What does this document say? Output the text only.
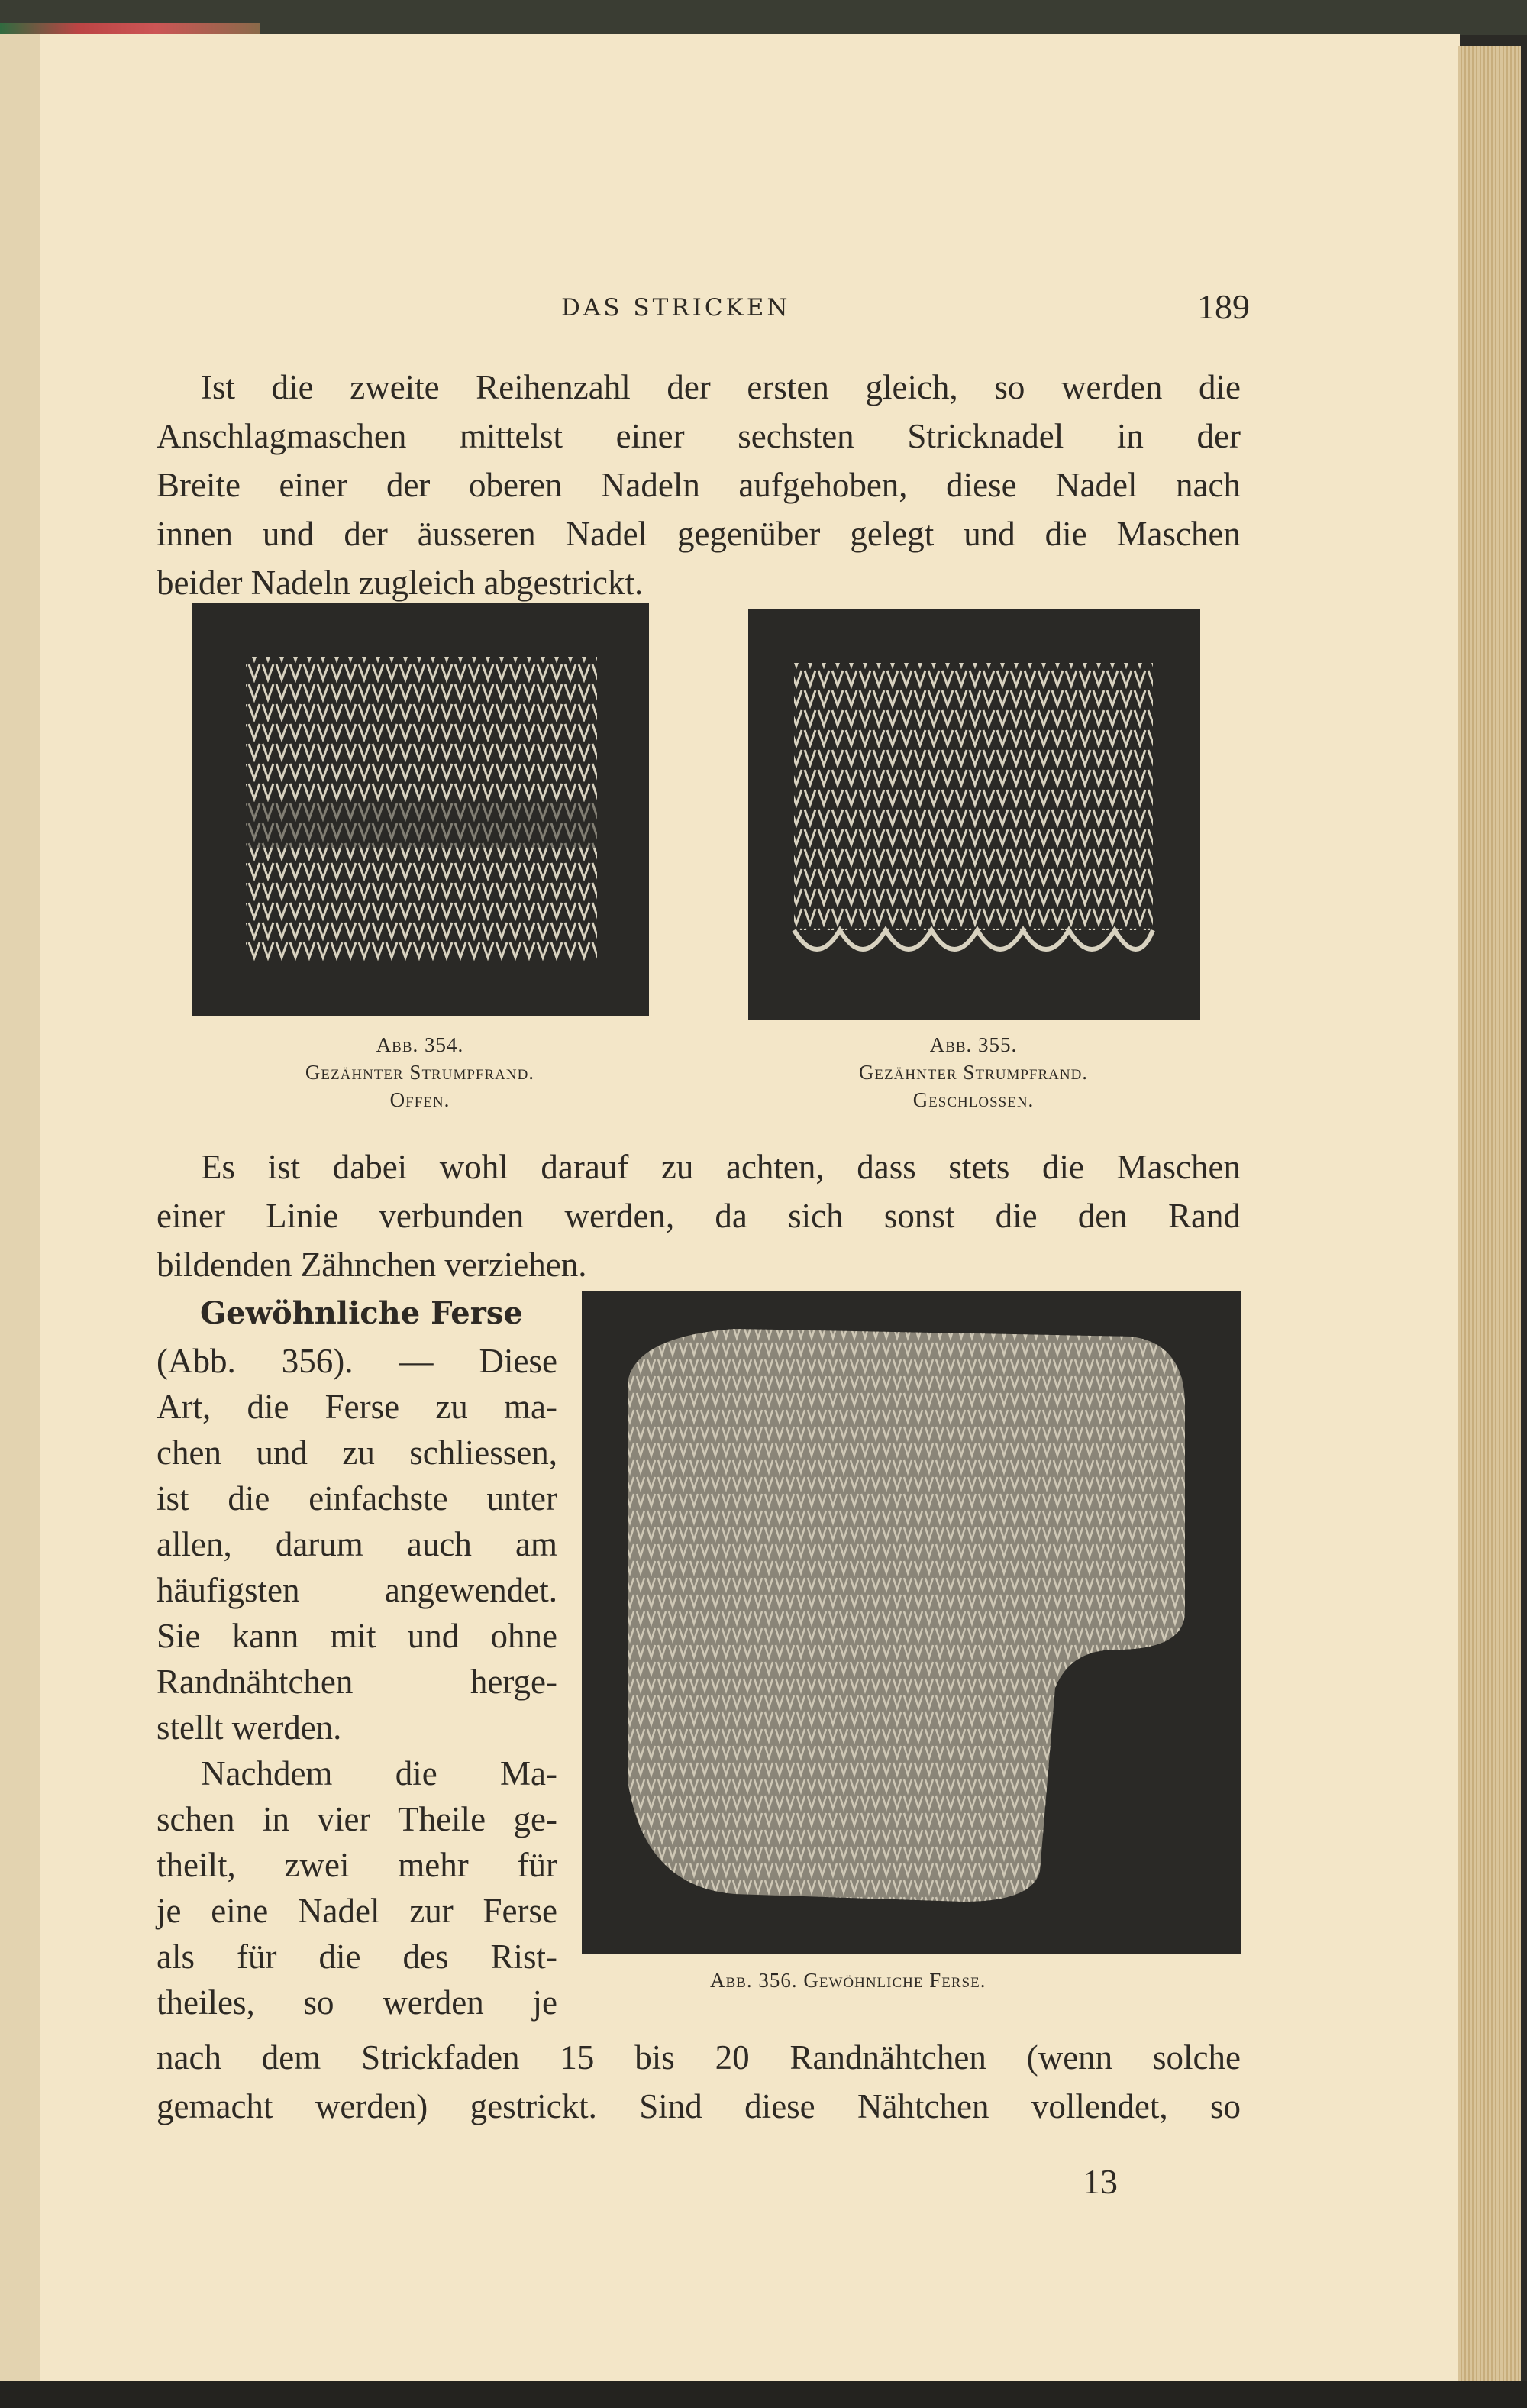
DAS STRICKEN	189
Ist die zweite Reihenzahl der ersten gleich, so werden die
Anschlagmaschen mittelst einer sechsten Stricknadel in der
Breite einer der oberen Nadeln aufgehoben, diese Nadel nach
innen und der äusseren Nadel gegenüber gelegt und die Maschen
beider Nadeln zugleich abgestrickt.
Abb. 354.
Gezähnter Strumpfrand.
Offen.
Abb. 355.
Gezähnter Strumpfrand.
Geschlossen.
Es ist dabei wohl darauf zu achten, dass stets die Maschen
einer Linie verbunden werden, da sich sonst die den Rand
bildenden Zähnchen verziehen.
Abb. 356. Gewöhnliche Ferse.
Gewöhnliche Ferse
(Abb. 356). — Diese
Art, die Ferse zu ma-
chen und zu schliessen,
ist die einfachste unter
allen, darum auch am
häufigsten angewendet.
Sie kann mit und ohne
Randnähtchen herge-
stellt werden.
Nachdem die Ma-
schen in vier Theile ge-
theilt, zwei mehr für
je eine Nadel zur Ferse
als für die des Rist-
theiles, so werden je
nach dem Strickfaden 15 bis 20 Randnähtchen (wenn solche
gemacht werden) gestrickt. Sind diese Nähtchen vollendet, so
13
